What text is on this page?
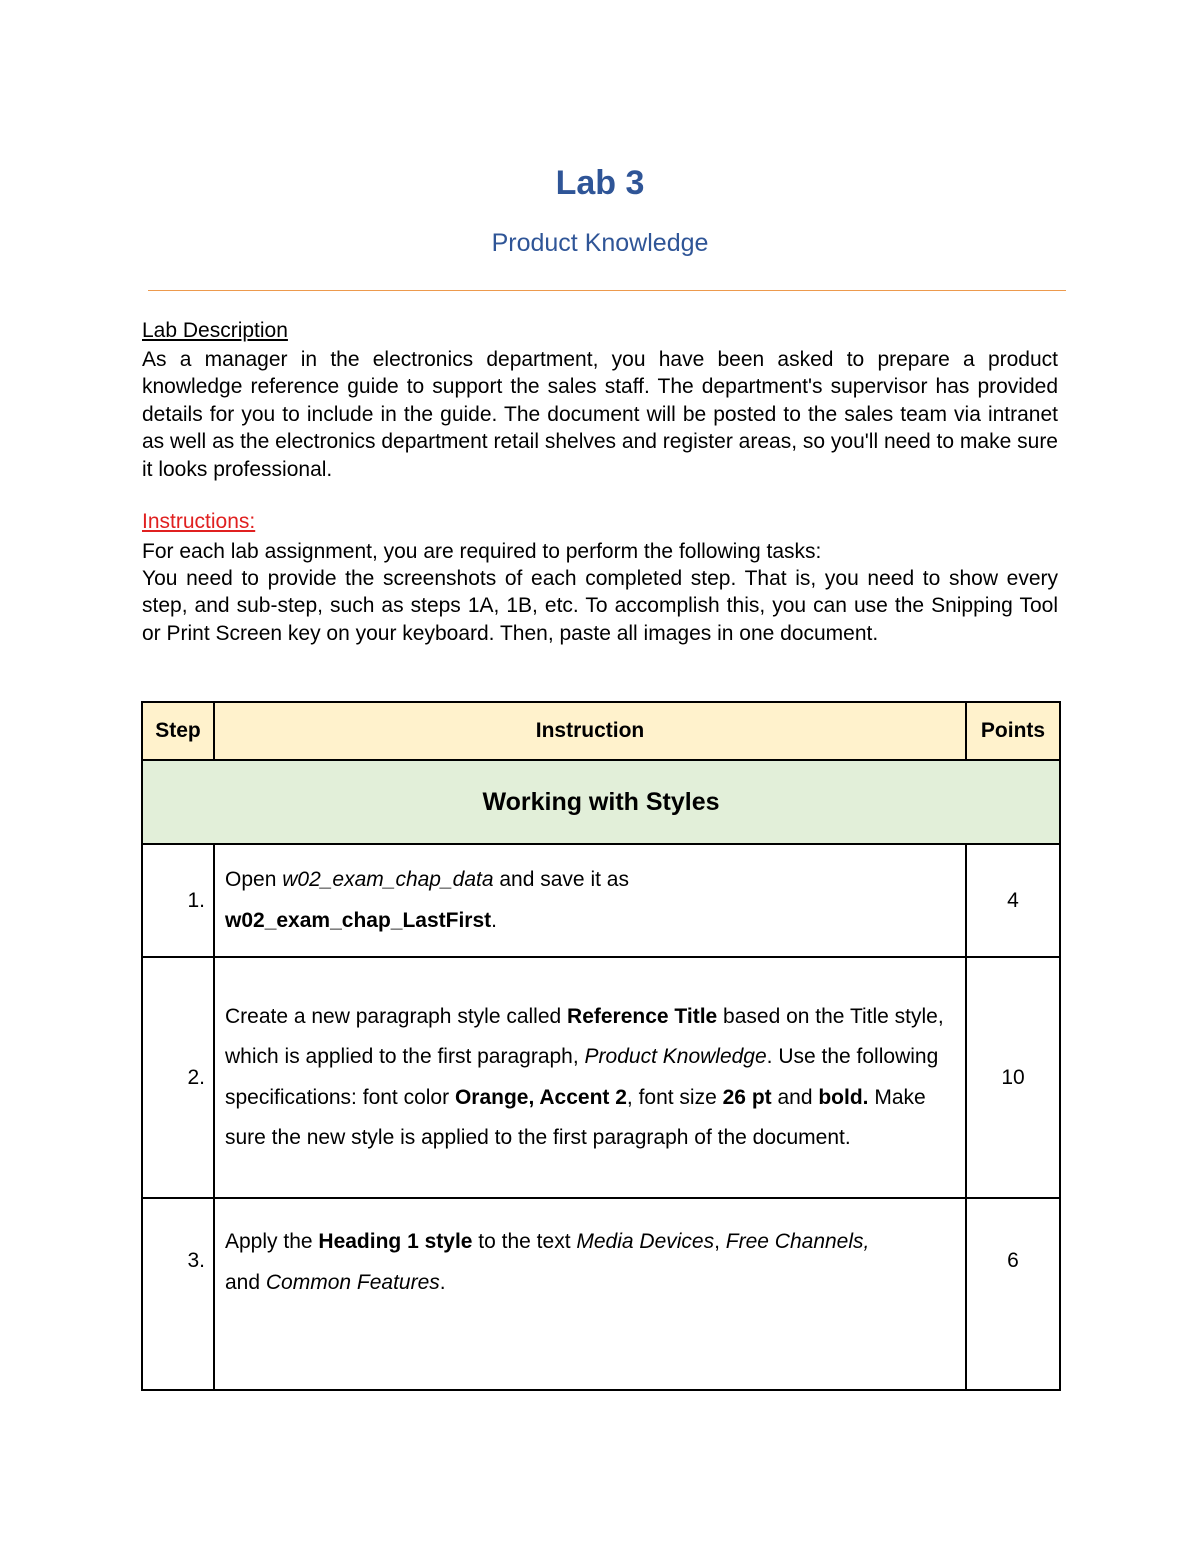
Lab 3
Product Knowledge
Lab Description
As a manager in the electronics department, you have been asked to prepare a product knowledge reference guide to support the sales staff. The department's supervisor has provided details for you to include in the guide. The document will be posted to the sales team via intranet as well as the electronics department retail shelves and register areas, so you'll need to make sure it looks professional.
Instructions:
For each lab assignment, you are required to perform the following tasks:
You need to provide the screenshots of each completed step. That is, you need to show every step, and sub-step, such as steps 1A, 1B, etc. To accomplish this, you can use the Snipping Tool or Print Screen key on your keyboard. Then, paste all images in one document.
Step	Instruction	Points
Working with Styles		
1.	Open w02_exam_chap_data and save it as
w02_exam_chap_LastFirst.	4
2.	Create a new paragraph style called Reference Title based on the Title style, which is applied to the first paragraph, Product Knowledge. Use the following specifications: font color Orange, Accent 2, font size 26 pt and bold. Make sure the new style is applied to the first paragraph of the document.	10
3.	Apply the Heading 1 style to the text Media Devices, Free Channels,
and Common Features.	6
